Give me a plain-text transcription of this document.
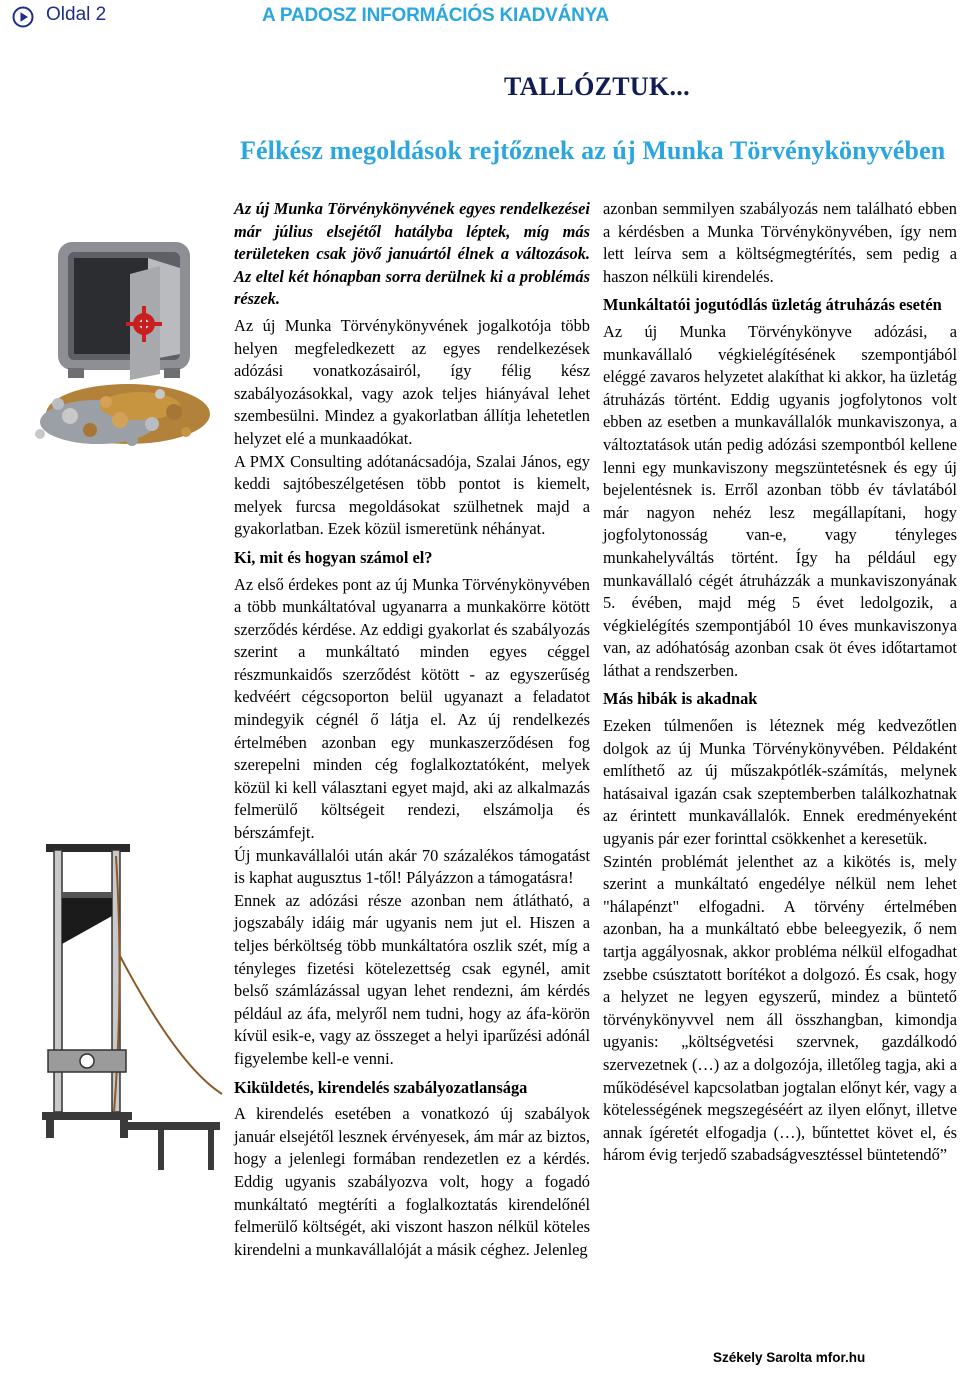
Oldal 2	A PADOSZ INFORMÁCIÓS KIADVÁNYA
TALLÓZTUK...
Félkész megoldások rejtőznek az új Munka Törvénykönyvében

Az új Munka Törvénykönyvének egyes rendelkezései már július elsejétől hatályba léptek, míg más területeken csak jövő januártól élnek a változások. Az eltel két hónapban sorra derülnek ki a problémás részek.

Az új Munka Törvénykönyvének jogalkotója több helyen megfeledkezett az egyes rendelkezések adózási vonatkozásairól, így félig kész szabályozásokkal, vagy azok teljes hiányával lehet szembesülni. Mindez a gyakorlatban állítja lehetetlen helyzet elé a munkaadókat.

A PMX Consulting adótanácsadója, Szalai János, egy keddi sajtóbeszélgetésen több pontot is kiemelt, melyek furcsa megoldásokat szülhetnek majd a gyakorlatban. Ezek közül ismeretünk néhányat.

Ki, mit és hogyan számol el?

Az első érdekes pont az új Munka Törvénykönyvében a több munkáltatóval ugyanarra a munkakörre kötött szerződés kérdése. Az eddigi gyakorlat és szabályozás szerint a munkáltató minden egyes céggel részmunkaidős szerződést kötött - az egyszerűség kedvéért cégcsoporton belül ugyanazt a feladatot mindegyik cégnél ő látja el. Az új rendelkezés értelmében azonban egy munkaszerződésen fog szerepelni minden cég foglalkoztatóként, melyek közül ki kell választani egyet majd, aki az alkalmazás felmerülő költségeit rendezi, elszámolja és bérszámfejt.

Új munkavállalói után akár 70 százalékos támogatást is kaphat augusztus 1-től! Pályázzon a támogatásra!

Ennek az adózási része azonban nem átlátható, a jogszabály idáig már ugyanis nem jut el. Hiszen a teljes bérköltség több munkáltatóra oszlik szét, míg a tényleges fizetési kötelezettség csak egynél, amit belső számlázással ugyan lehet rendezni, ám kérdés például az áfa, melyről nem tudni, hogy az áfa-körön kívül esik-e, vagy az összeget a helyi iparűzési adónál figyelembe kell-e venni.

Kiküldetés, kirendelés szabályozatlansága

A kirendelés esetében a vonatkozó új szabályok január elsejétől lesznek érvényesek, ám már az biztos, hogy a jelenlegi formában rendezetlen ez a kérdés. Eddig ugyanis szabályozva volt, hogy a fogadó munkáltató megtéríti a foglalkoztatás kirendelőnél felmerülő költségét, aki viszont haszon nélkül köteles kirendelni a munkavállalóját a másik céghez. Jelenleg

azonban semmilyen szabályozás nem található ebben a kérdésben a Munka Törvénykönyvében, így nem lett leírva sem a költségmegtérítés, sem pedig a haszon nélküli kirendelés.

Munkáltatói jogutódlás üzletág átruházás esetén

Az új Munka Törvénykönyve adózási, a munkavállaló végkielégítésének szempontjából eléggé zavaros helyzetet alakíthat ki akkor, ha üzletág átruházás történt. Eddig ugyanis jogfolytonos volt ebben az esetben a munkavállalók munkaviszonya, a változtatások után pedig adózási szempontból kellene lenni egy munkaviszony megszüntetésnek és egy új bejelentésnek is. Erről azonban több év távlatából már nagyon nehéz lesz megállapítani, hogy jogfolytonosság van-e, vagy tényleges munkahelyváltás történt. Így ha például egy munkavállaló cégét átruházzák a munkaviszonyának 5. évében, majd még 5 évet ledolgozik, a végkielégítés szempontjából 10 éves munkaviszonya van, az adóhatóság azonban csak öt éves időtartamot láthat a rendszerben.

Más hibák is akadnak

Ezeken túlmenően is léteznek még kedvezőtlen dolgok az új Munka Törvénykönyvében. Példaként említhető az új műszakpótlék-számítás, melynek hatásaival igazán csak szeptemberben találkozhatnak az érintett munkavállalók. Ennek eredményeként ugyanis pár ezer forinttal csökkenhet a keresetük.

Szintén problémát jelenthet az a kikötés is, mely szerint a munkáltató engedélye nélkül nem lehet "hálapénzt" elfogadni. A törvény értelmében azonban, ha a munkáltató ebbe beleegyezik, ő nem tartja aggályosnak, akkor probléma nélkül elfogadhat zsebbe csúsztatott borítékot a dolgozó. És csak, hogy a helyzet ne legyen egyszerű, mindez a büntető törvénykönyvvel nem áll összhangban, kimondja ugyanis: „költségvetési szervnek, gazdálkodó szervezetnek (…) az a dolgozója, illetőleg tagja, aki a működésével kapcsolatban jogtalan előnyt kér, vagy a kötelességének megszegéséért az ilyen előnyt, illetve annak ígéretét elfogadja (…), bűntettet követ el, és három évig terjedő szabadságvesztéssel büntetendő”

Székely Sarolta mfor.hu
